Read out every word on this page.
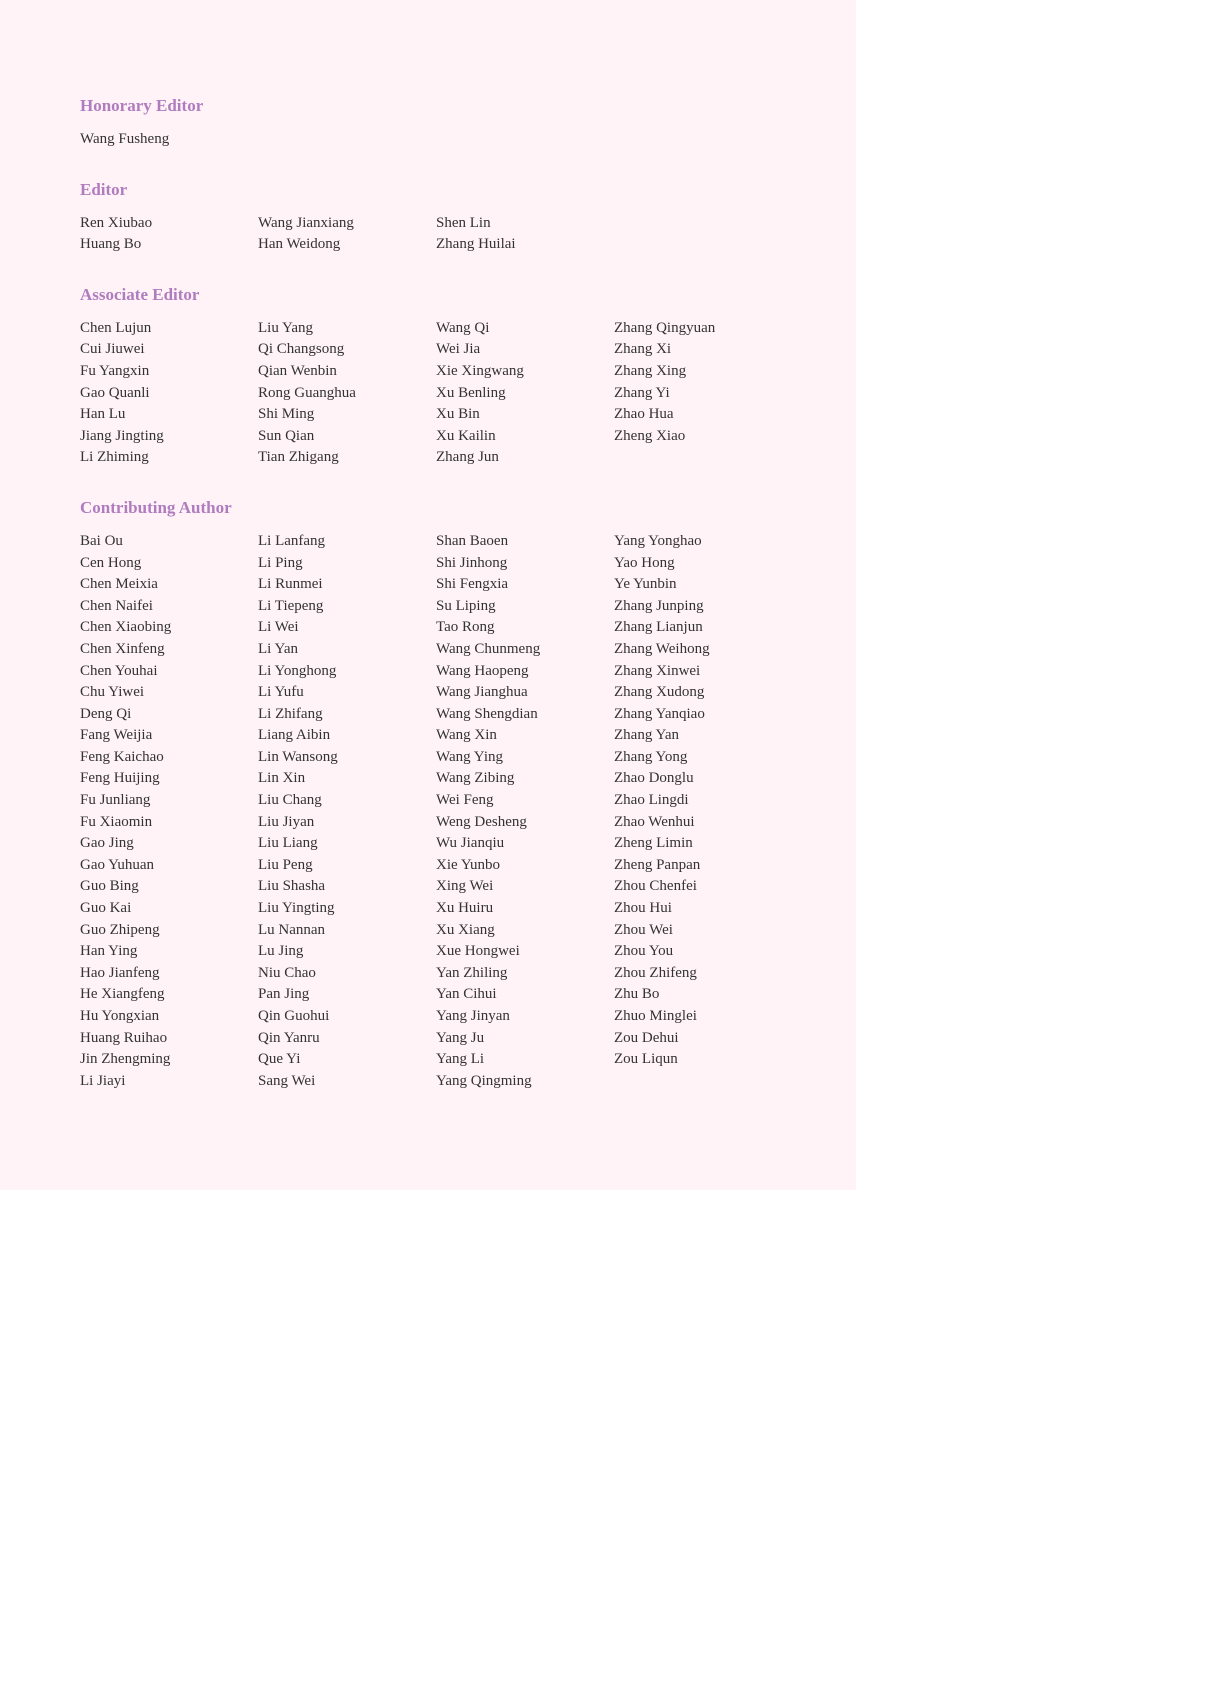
Honorary Editor
Wang Fusheng
Editor
Ren Xiubao
Huang Bo
Wang Jianxiang
Han Weidong
Shen Lin
Zhang Huilai
Associate Editor
Chen Lujun
Cui Jiuwei
Fu Yangxin
Gao Quanli
Han Lu
Jiang Jingting
Li Zhiming
Liu Yang
Qi Changsong
Qian Wenbin
Rong Guanghua
Shi Ming
Sun Qian
Tian Zhigang
Wang Qi
Wei Jia
Xie Xingwang
Xu Benling
Xu Bin
Xu Kailin
Zhang Jun
Zhang Qingyuan
Zhang Xi
Zhang Xing
Zhang Yi
Zhao Hua
Zheng Xiao
Contributing Author
Bai Ou
Cen Hong
Chen Meixia
Chen Naifei
Chen Xiaobing
Chen Xinfeng
Chen Youhai
Chu Yiwei
Deng Qi
Fang Weijia
Feng Kaichao
Feng Huijing
Fu Junliang
Fu Xiaomin
Gao Jing
Gao Yuhuan
Guo Bing
Guo Kai
Guo Zhipeng
Han Ying
Hao Jianfeng
He Xiangfeng
Hu Yongxian
Huang Ruihao
Jin Zhengming
Li Jiayi
Li Lanfang
Li Ping
Li Runmei
Li Tiepeng
Li Wei
Li Yan
Li Yonghong
Li Yufu
Li Zhifang
Liang Aibin
Lin Wansong
Lin Xin
Liu Chang
Liu Jiyan
Liu Liang
Liu Peng
Liu Shasha
Liu Yingting
Lu Nannan
Lu Jing
Niu Chao
Pan Jing
Qin Guohui
Qin Yanru
Que Yi
Sang Wei
Shan Baoen
Shi Jinhong
Shi Fengxia
Su Liping
Tao Rong
Wang Chunmeng
Wang Haopeng
Wang Jianghua
Wang Shengdian
Wang Xin
Wang Ying
Wang Zibing
Wei Feng
Weng Desheng
Wu Jianqiu
Xie Yunbo
Xing Wei
Xu Huiru
Xu Xiang
Xue Hongwei
Yan Zhiling
Yan Cihui
Yang Jinyan
Yang Ju
Yang Li
Yang Qingming
Yang Yonghao
Yao Hong
Ye Yunbin
Zhang Junping
Zhang Lianjun
Zhang Weihong
Zhang Xinwei
Zhang Xudong
Zhang Yanqiao
Zhang Yan
Zhang Yong
Zhao Donglu
Zhao Lingdi
Zhao Wenhui
Zheng Limin
Zheng Panpan
Zhou Chenfei
Zhou Hui
Zhou Wei
Zhou You
Zhou Zhifeng
Zhu Bo
Zhuo Minglei
Zou Dehui
Zou Liqun
